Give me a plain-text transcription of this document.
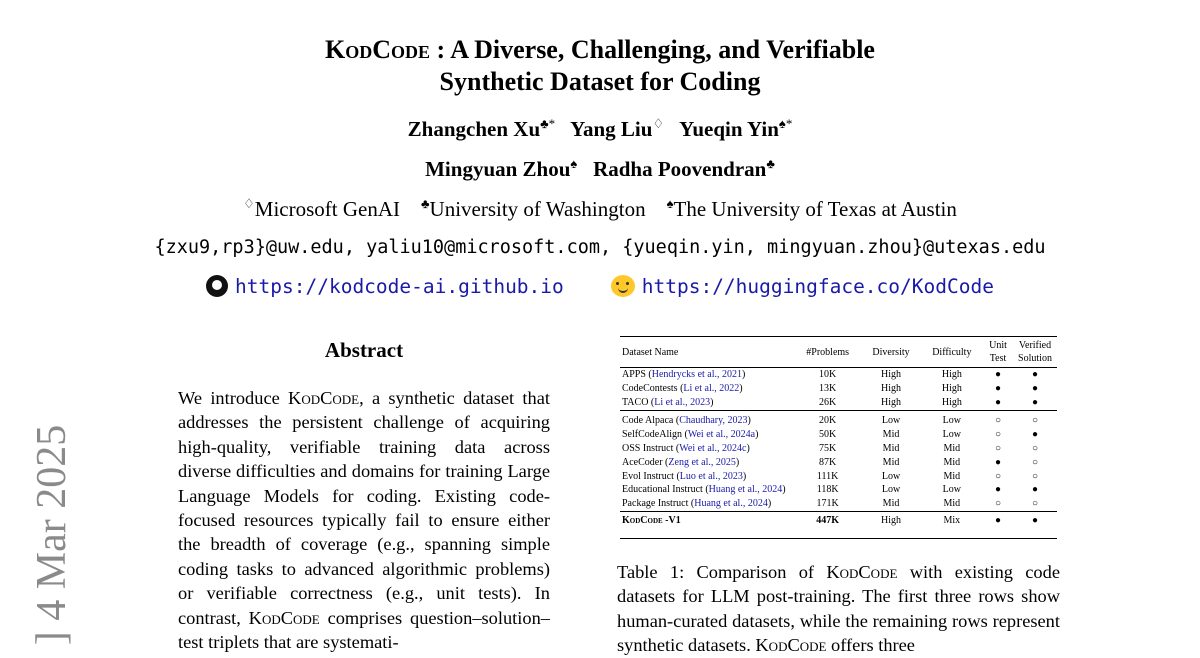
KodCode : A Diverse, Challenging, and Verifiable
Synthetic Dataset for Coding
Zhangchen Xu♣* Yang Liu♢ Yueqin Yin♠*
Mingyuan Zhou♠ Radha Poovendran♣
♢Microsoft GenAI ♣University of Washington ♠The University of Texas at Austin
{zxu9,rp3}@uw.edu, yaliu10@microsoft.com, {yueqin.yin, mingyuan.zhou}@utexas.edu
https://kodcode-ai.github.io	https://huggingface.co/KodCode
] 4 Mar 2025
Abstract
We introduce KodCode, a synthetic dataset that addresses the persistent challenge of acquiring high-quality, verifiable training data across diverse difficulties and domains for training Large Language Models for coding. Existing code-focused resources typically fail to ensure either the breadth of coverage (e.g., spanning simple coding tasks to advanced algorithmic problems) or verifiable correctness (e.g., unit tests). In contrast, KodCode comprises question–solution–test triplets that are systemati-
Dataset Name	#Problems	Diversity	Difficulty	Unit Test	Verified Solution
APPS (Hendrycks et al., 2021)	10K	High	High	●	●
CodeContests (Li et al., 2022)	13K	High	High	●	●
TACO (Li et al., 2023)	26K	High	High	●	●
Code Alpaca (Chaudhary, 2023)	20K	Low	Low	○	○
SelfCodeAlign (Wei et al., 2024a)	50K	Mid	Low	○	●
OSS Instruct (Wei et al., 2024c)	75K	Mid	Mid	○	○
AceCoder (Zeng et al., 2025)	87K	Mid	Mid	●	○
Evol Instruct (Luo et al., 2023)	111K	Low	Mid	○	○
Educational Instruct (Huang et al., 2024)	118K	Low	Low	●	●
Package Instruct (Huang et al., 2024)	171K	Mid	Mid	○	○
KodCode -V1	447K	High	Mix	●	●
Table 1: Comparison of KodCode with existing code datasets for LLM post-training. The first three rows show human-curated datasets, while the remaining rows represent synthetic datasets. KodCode offers three
